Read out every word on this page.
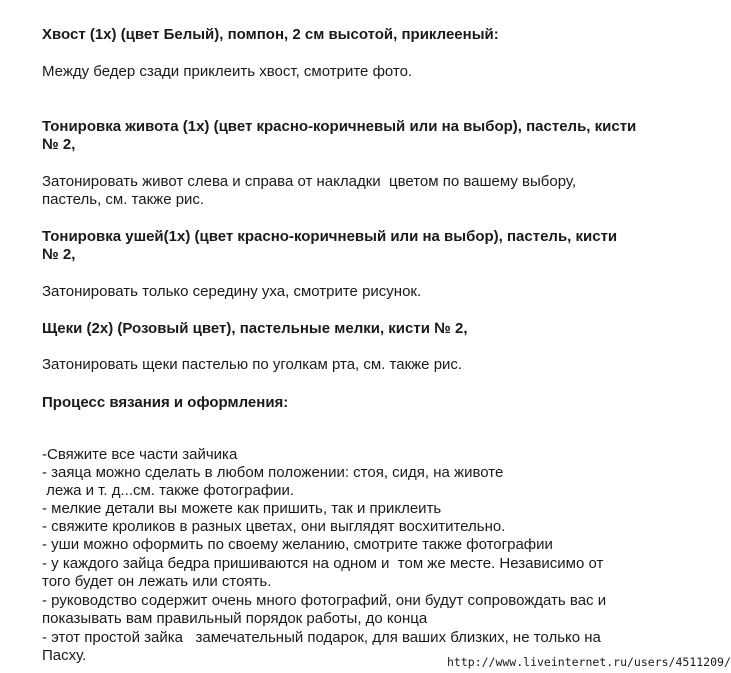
Хвост (1x) (цвет Белый), помпон, 2 см высотой, приклееный:
Между бедер сзади приклеить хвост, смотрите фото.
Тонировка живота (1x) (цвет красно-коричневый или на выбор), пастель, кисти
№ 2,
Затонировать живот слева и справа от накладки  цветом по вашему выбору,
пастель, см. также рис.
Тонировка ушей(1x) (цвет красно-коричневый или на выбор), пастель, кисти
№ 2,
Затонировать только середину уха, смотрите рисунок.
Щеки (2x) (Розовый цвет), пастельные мелки, кисти № 2,
Затонировать щеки пастелью по уголкам рта, см. также рис.
Процесс вязания и оформления:
-Свяжите все части зайчика
- заяца можно сделать в любом положении: стоя, сидя, на животе
лежа и т. д...см. также фотографии.
- мелкие детали вы можете как пришить, так и приклеить
- свяжите кроликов в разных цветах, они выглядят восхитительно.
- уши можно оформить по своему желанию, смотрите также фотографии
- у каждого зайца бедра пришиваются на одном и  том же месте. Независимо от
того будет он лежать или стоять.
- руководство содержит очень много фотографий, они будут сопровождать вас и
показывать вам правильный порядок работы, до конца
- этот простой зайка   замечательный подарок, для ваших близких, не только на
Пасху.	http://www.liveinternet.ru/users/4511209/
